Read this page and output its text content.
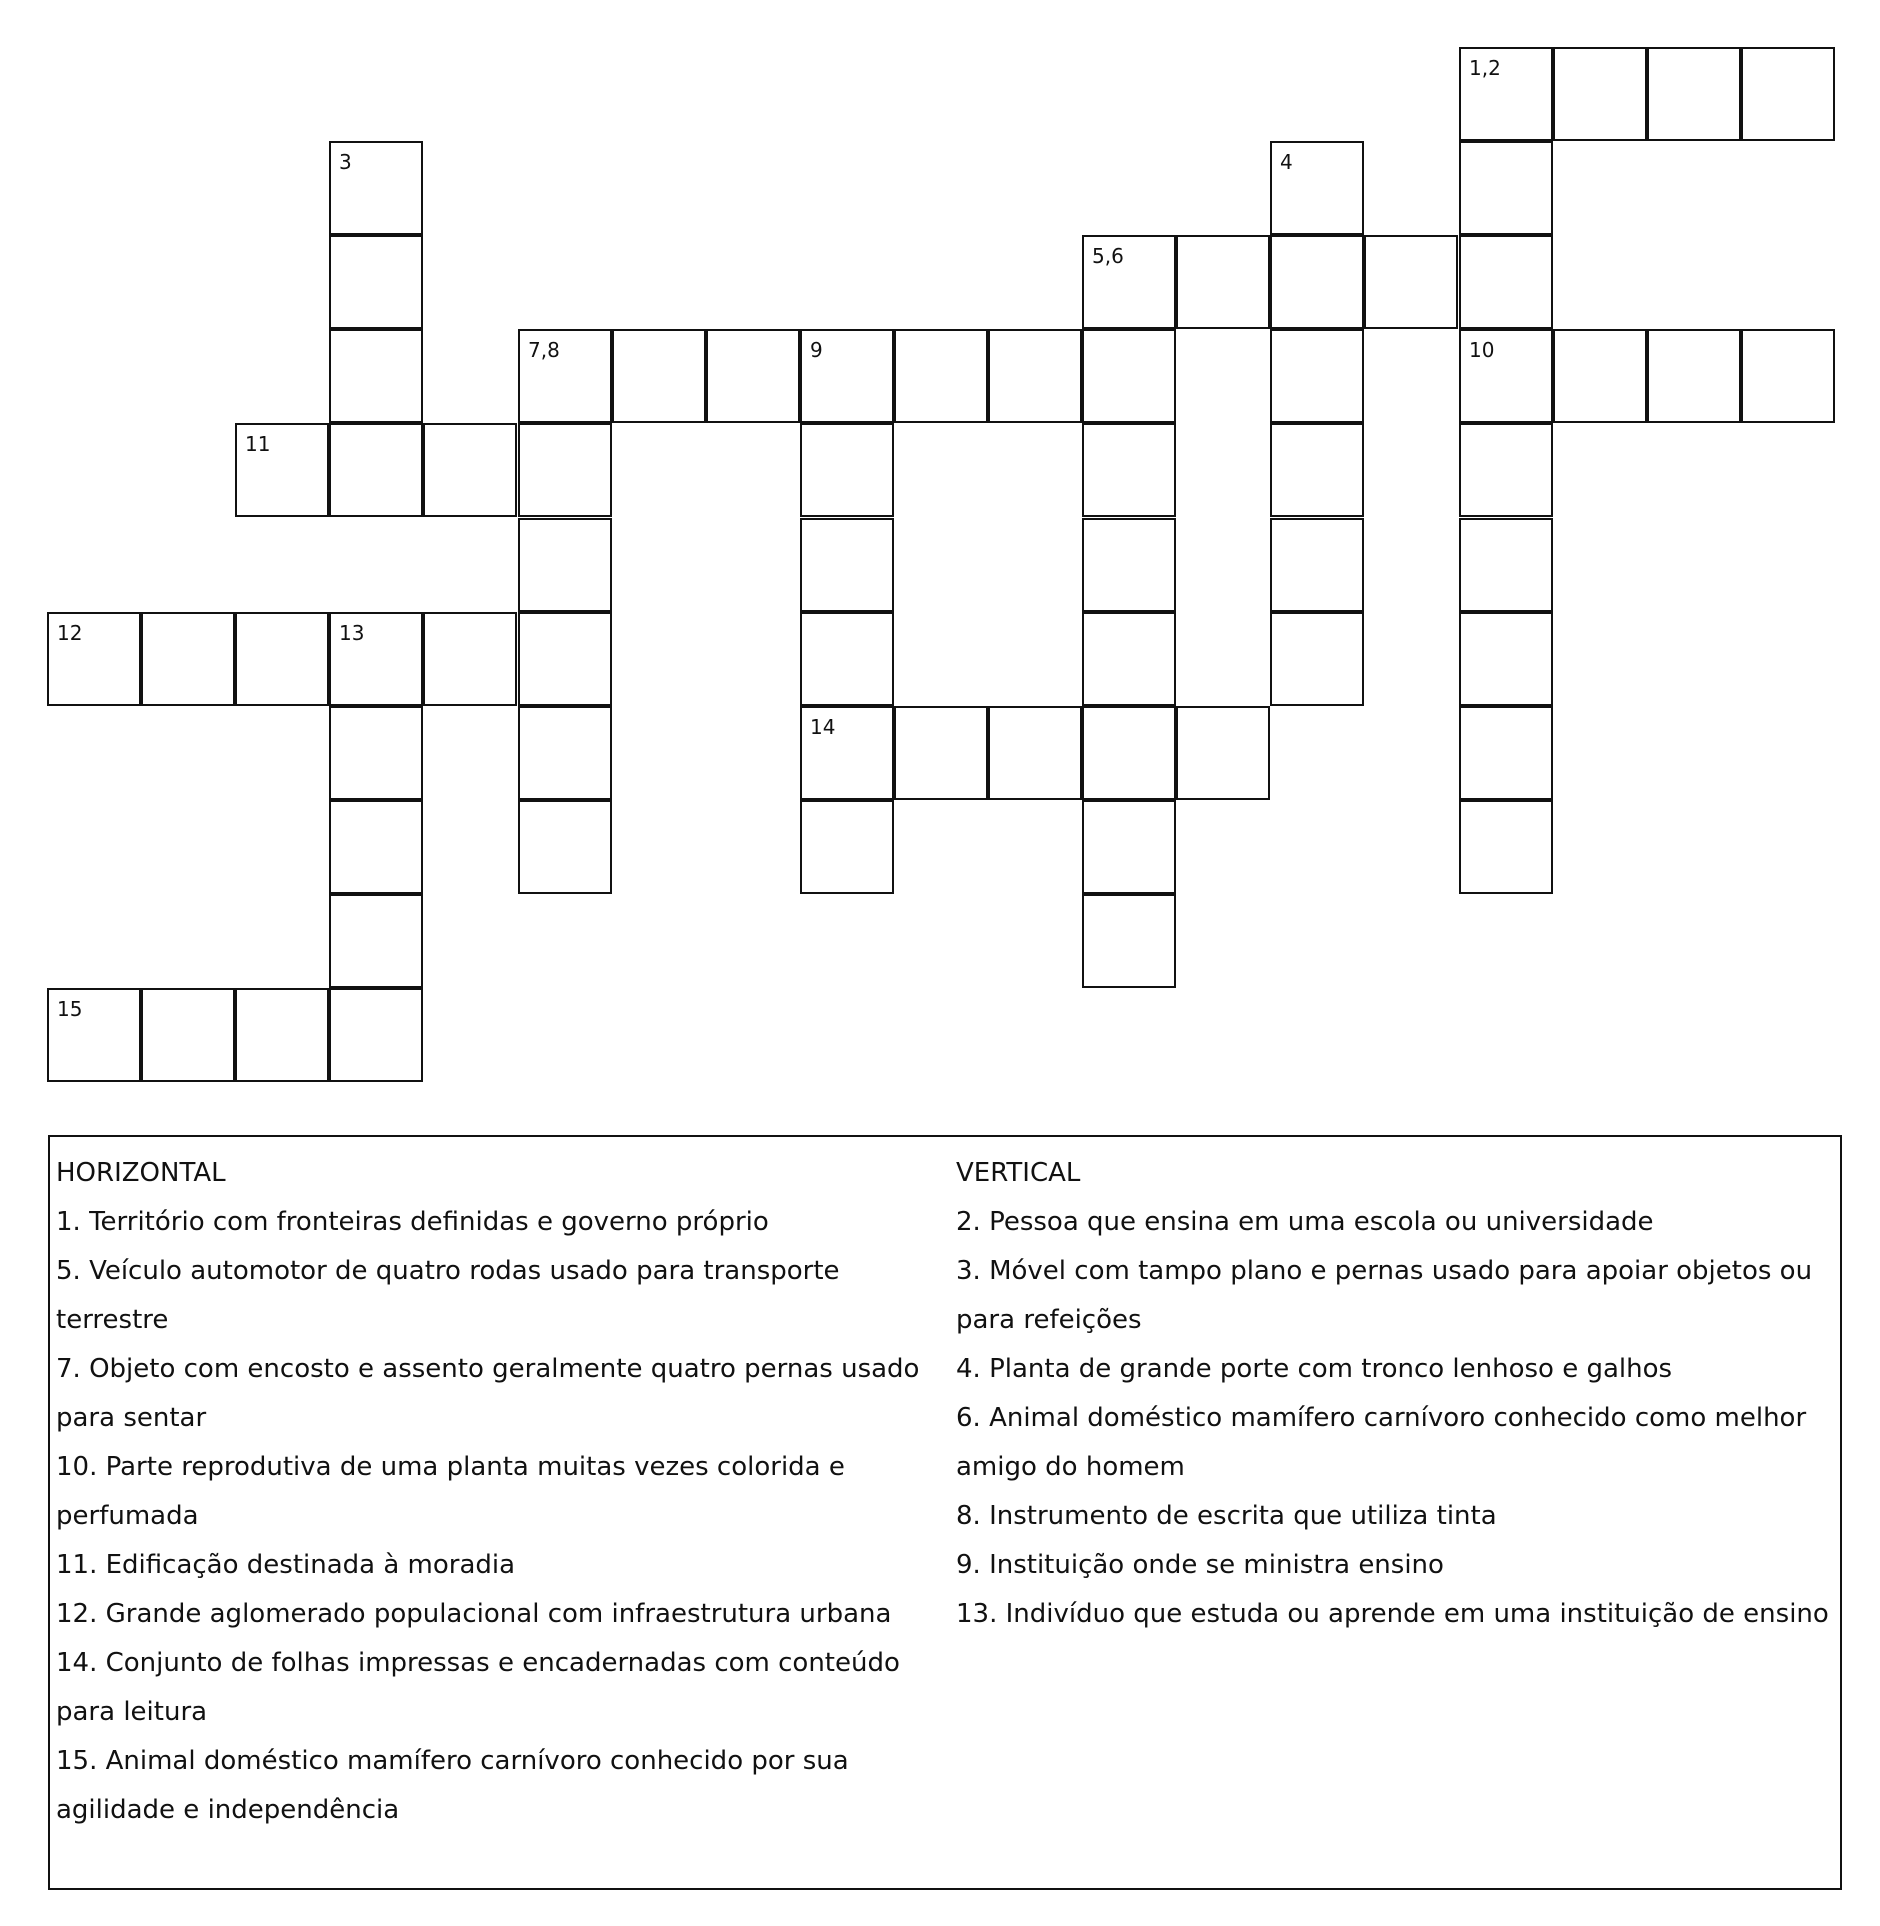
1,2
3	4
5,6
7,8	9	10
11
12	13
14
15

HORIZONTAL

1. Território com fronteiras definidas e governo próprio

5. Veículo automotor de quatro rodas usado para transporte terrestre

7. Objeto com encosto e assento geralmente quatro pernas usado para sentar

10. Parte reprodutiva de uma planta muitas vezes colorida e perfumada

11. Edificação destinada à moradia

12. Grande aglomerado populacional com infraestrutura urbana

14. Conjunto de folhas impressas e encadernadas com conteúdo para leitura

15. Animal doméstico mamífero carnívoro conhecido por sua agilidade e independência

VERTICAL

2. Pessoa que ensina em uma escola ou universidade

3. Móvel com tampo plano e pernas usado para apoiar objetos ou para refeições

4. Planta de grande porte com tronco lenhoso e galhos

6. Animal doméstico mamífero carnívoro conhecido como melhor amigo do homem

8. Instrumento de escrita que utiliza tinta

9. Instituição onde se ministra ensino

13. Indivíduo que estuda ou aprende em uma instituição de ensino
